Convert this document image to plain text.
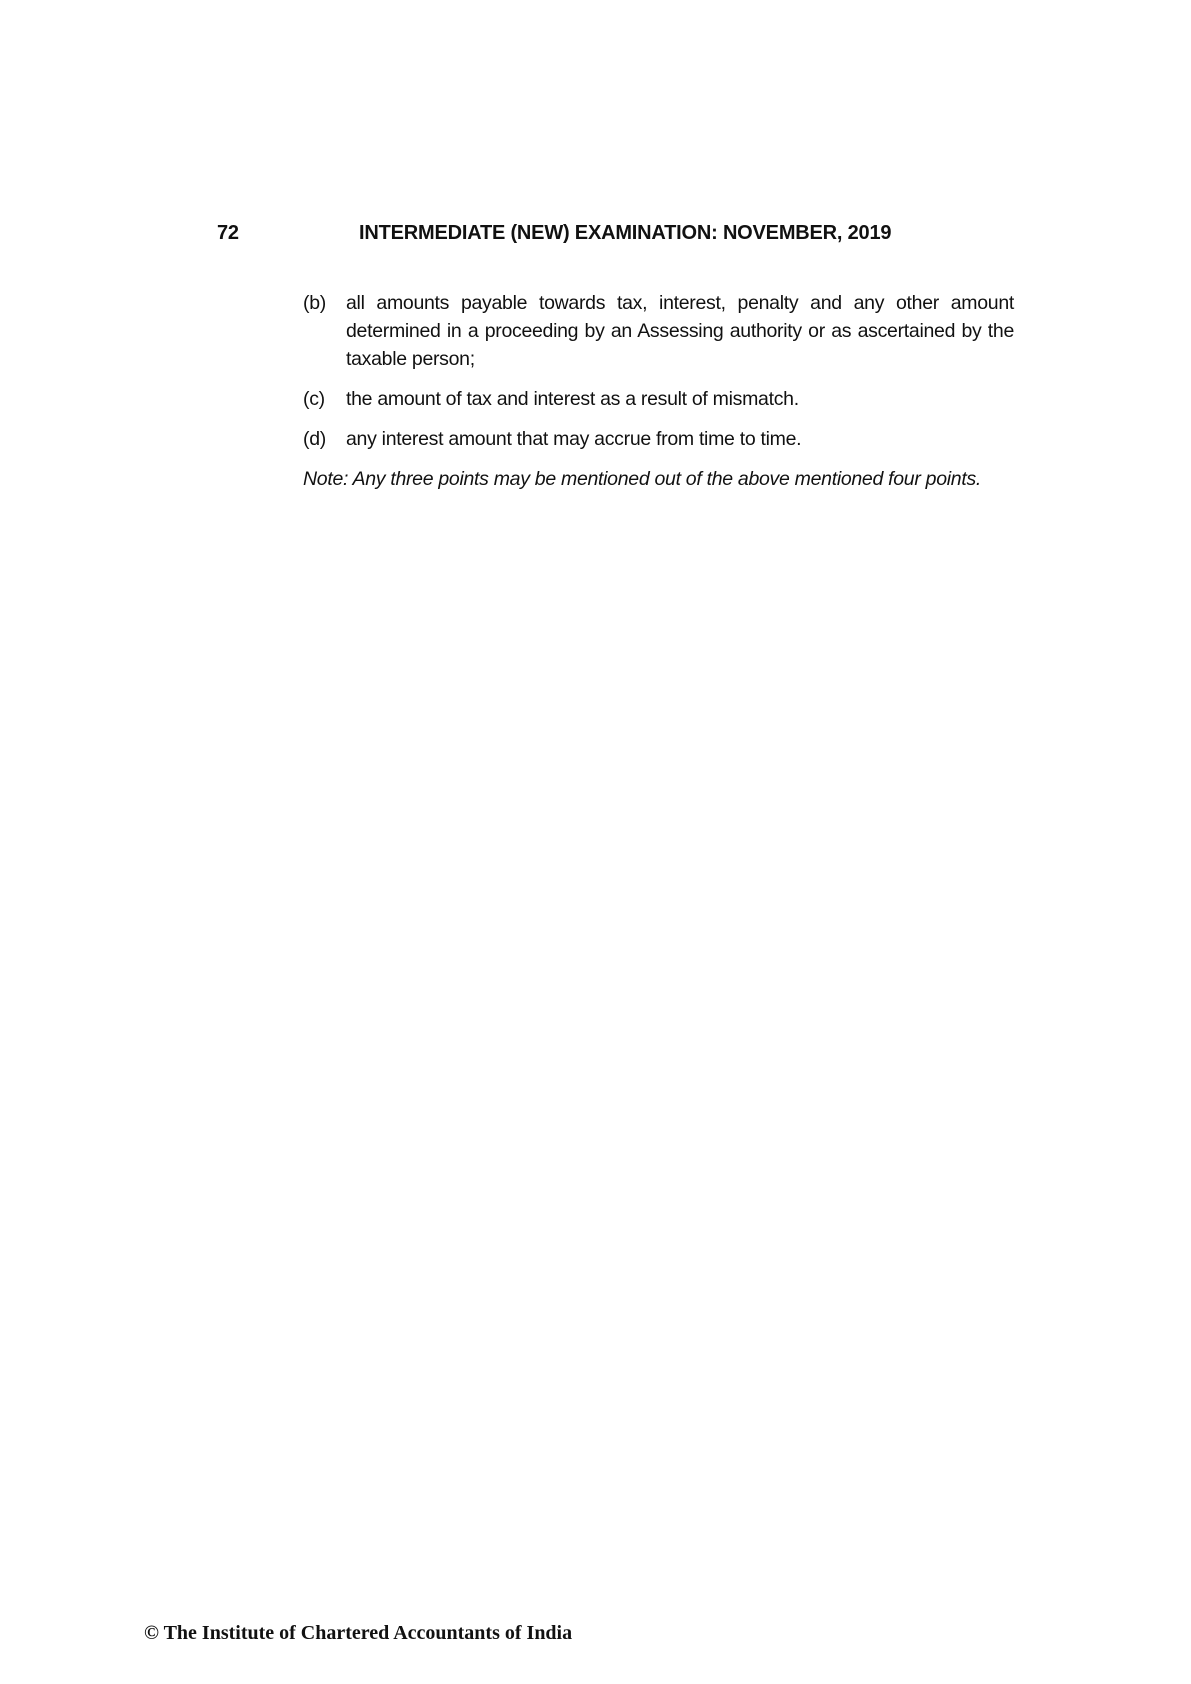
72	INTERMEDIATE (NEW) EXAMINATION: NOVEMBER, 2019
(b)	all amounts payable towards tax, interest, penalty and any other amount determined in a proceeding by an Assessing authority or as ascertained by the taxable person;
(c)	the amount of tax and interest as a result of mismatch.
(d)	any interest amount that may accrue from time to time.
Note: Any three points may be mentioned out of the above mentioned four points.
© The Institute of Chartered Accountants of India
